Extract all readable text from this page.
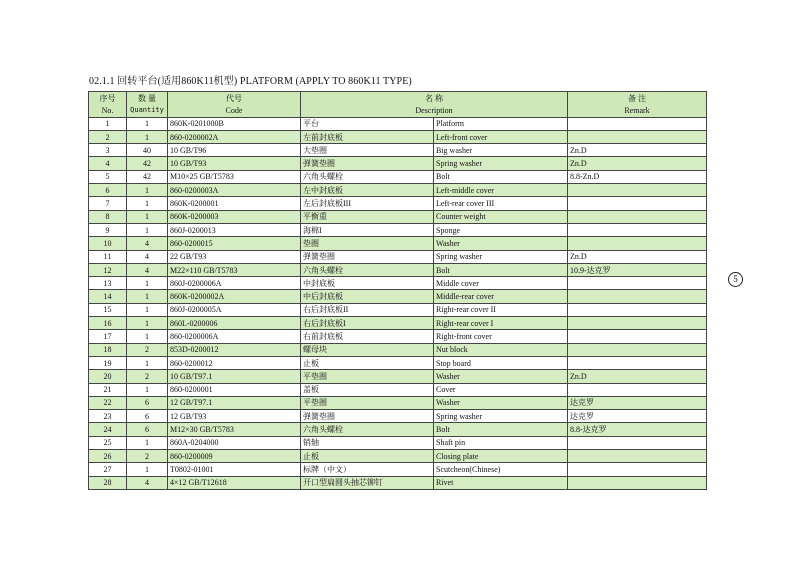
02.1.1 回转平台(适用860K11机型) PLATFORM (APPLY TO 860K11 TYPE)
5
序号	数 量	代号	名 称		备 注
No.	Quantity	Code	Description		Remark
1	1	860K-0201000B	平台	Platform	
2	1	860-0200002A	左前封底板	Left-front cover	
3	40	10 GB/T96	大垫圈	Big washer	Zn.D
4	42	10 GB/T93	弹簧垫圈	Spring washer	Zn.D
5	42	M10×25 GB/T5783	六角头螺栓	Bolt	8.8-Zn.D
6	1	860-0200003A	左中封底板	Left-middle cover	
7	1	860K-0200001	左后封底板III	Left-rear cover III	
8	1	860K-0200003	平衡重	Counter weight	
9	1	860J-0200013	海棉I	Sponge	
10	4	860-0200015	垫圈	Washer	
11	4	22 GB/T93	弹簧垫圈	Spring washer	Zn.D
12	4	M22×110 GB/T5783	六角头螺栓	Bolt	10.9-达克罗
13	1	860J-0200006A	中封底板	Middle cover	
14	1	860K-0200002A	中后封底板	Middle-rear cover	
15	1	860J-0200005A	右后封底板II	Right-rear cover II	
16	1	860L-0200006	右后封底板I	Right-rear cover I	
17	1	860-0200006A	右前封底板	Right-front cover	
18	2	853D-0200012	螺母块	Nut block	
19	1	860-0200012	止板	Stop board	
20	2	10 GB/T97.1	平垫圈	Washer	Zn.D
21	1	860-0200001	盖板	Cover	
22	6	12 GB/T97.1	平垫圈	Washer	达克罗
23	6	12 GB/T93	弹簧垫圈	Spring washer	达克罗
24	6	M12×30 GB/T5783	六角头螺栓	Bolt	8.8-达克罗
25	1	860A-0204000	销轴	Shaft pin	
26	2	860-0200009	止板	Closing plate	
27	1	T0802-01001	标牌（中文）	Scutcheon(Chinese)	
28	4	4×12 GB/T12618	开口型扁圆头抽芯铆钉	Rivet	
